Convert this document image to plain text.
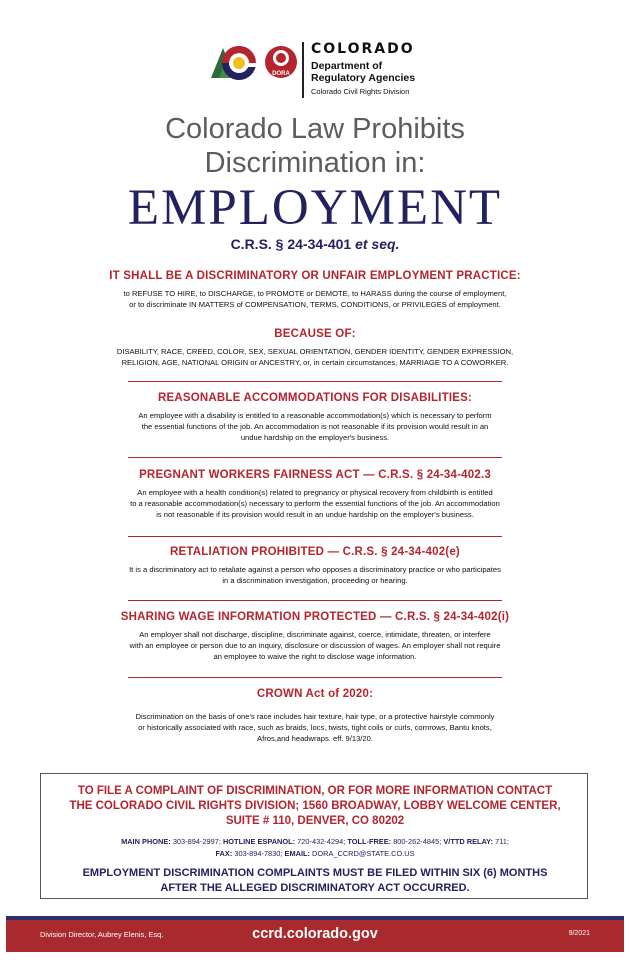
DORA
COLORADO
Department of
Regulatory Agencies
Colorado Civil Rights Division
Colorado Law Prohibits
Discrimination in:
EMPLOYMENT
C.R.S. § 24-34-401 et seq.
IT SHALL BE A DISCRIMINATORY OR UNFAIR EMPLOYMENT PRACTICE:
to REFUSE TO HIRE, to DISCHARGE, to PROMOTE or DEMOTE, to HARASS during the course of employment,
or to discriminate IN MATTERS of COMPENSATION, TERMS, CONDITIONS, or PRIVILEGES of employment.
BECAUSE OF:
DISABILITY, RACE, CREED, COLOR, SEX, SEXUAL ORIENTATION, GENDER IDENTITY, GENDER EXPRESSION,
RELIGION, AGE, NATIONAL ORIGIN or ANCESTRY, or, in certain circumstances, MARRIAGE TO A COWORKER.
REASONABLE ACCOMMODATIONS FOR DISABILITIES:
An employee with a disability is entitled to a reasonable accommodation(s) which is necessary to perform
the essential functions of the job. An accommodation is not reasonable if its provision would result in an
undue hardship on the employer's business.
PREGNANT WORKERS FAIRNESS ACT — C.R.S. § 24-34-402.3
An employee with a health condition(s) related to pregnancy or physical recovery from childbirth is entitled
to a reasonable accommodation(s) necessary to perform the essential functions of the job. An accommodation
is not reasonable if its provision would result in an undue hardship on the employer's business.
RETALIATION PROHIBITED — C.R.S. § 24-34-402(e)
It is a discriminatory act to retaliate against a person who opposes a discriminatory practice or who participates
in a discrimination investigation, proceeding or hearing.
SHARING WAGE INFORMATION PROTECTED — C.R.S. § 24-34-402(i)
An employer shall not discharge, discipline, discriminate against, coerce, intimidate, threaten, or interfere
with an employee or person due to an inquiry, disclosure or discussion of wages. An employer shall not require
an employee to waive the right to disclose wage information.
CROWN Act of 2020:
Discrimination on the basis of one's race includes hair texture, hair type, or a protective hairstyle commonly
or historically associated with race, such as braids, locs, twists, tight coils or curls, cornrows, Bantu knots,
Afros,and headwraps. eff. 9/13/20.
TO FILE A COMPLAINT OF DISCRIMINATION, OR FOR MORE INFORMATION CONTACT
THE COLORADO CIVIL RIGHTS DIVISION; 1560 BROADWAY, LOBBY WELCOME CENTER,
SUITE # 110, DENVER, CO 80202
MAIN PHONE: 303-894-2997; HOTLINE ESPANOL: 720-432-4294; TOLL-FREE: 800-262-4845; V/TTD RELAY: 711;
FAX: 303-894-7830; EMAIL: DORA_CCRD@STATE.CO.US
EMPLOYMENT DISCRIMINATION COMPLAINTS MUST BE FILED WITHIN SIX (6) MONTHS
AFTER THE ALLEGED DISCRIMINATORY ACT OCCURRED.
Division Director, Aubrey Elenis, Esq.	ccrd.colorado.gov	9/2021
